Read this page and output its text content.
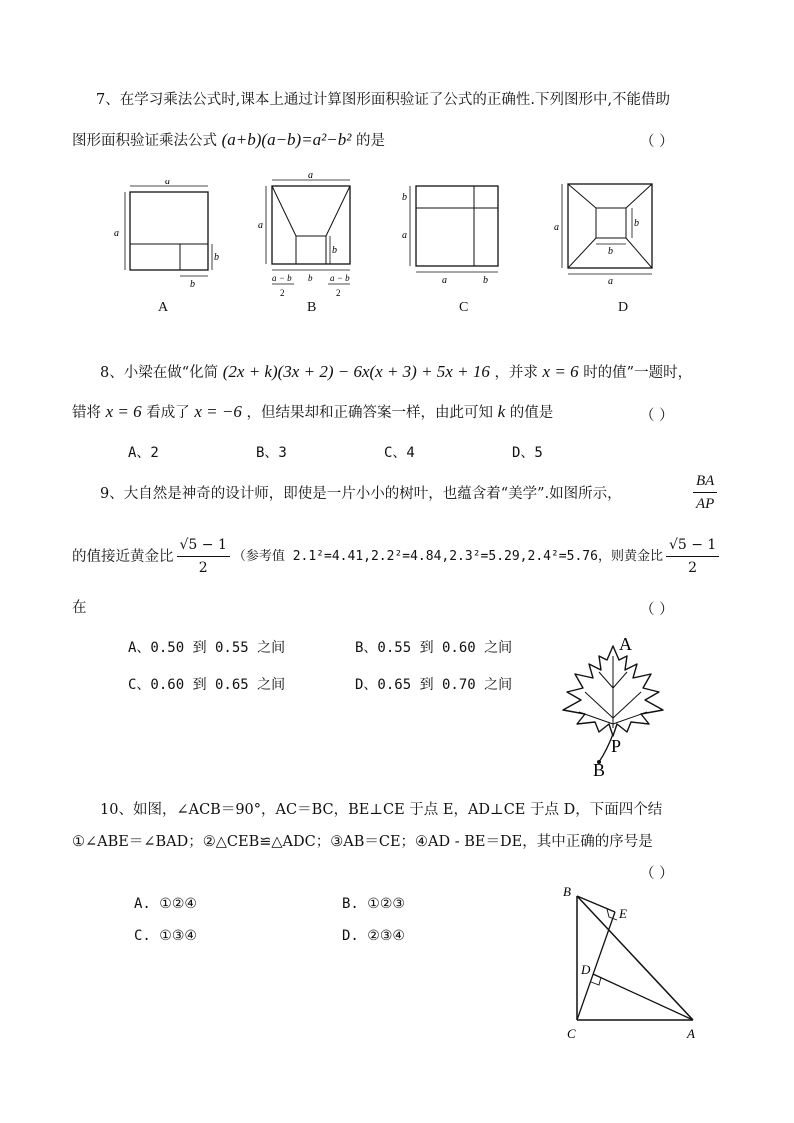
7、在学习乘法公式时,课本上通过计算图形面积验证了公式的正确性.下列图形中,不能借助
图形面积验证乘法公式 (a+b)(a−b)=a²−b² 的是	（ ）
a
a
b
b
A
a
a
b
b
a − b
2
a − b
2
B
b
a
a	b
C
a	b
b
a
D
8、小梁在做“化简 (2x + k)(3x + 2) − 6x(x + 3) + 5x + 16 ，并求 x = 6 时的值”一题时，
错将 x = 6 看成了 x = −6 ，但结果却和正确答案一样，由此可知 k 的值是	（ ）
A、2	B、3	C、4	D、5
9、大自然是神奇的设计师，即使是一片小小的树叶，也蕴含着“美学”.如图所示，	$\frac{BA}{AP}$
的值接近黄金比 $\frac{√5 - 1}{2}$ （参考值 2.1²=4.41,2.2²=4.84,2.3²=5.29,2.4²=5.76，则黄金比 $\frac{√5 - 1}{2}$
在	（ ）
A、0.50 到 0.55 之间	B、0.55 到 0.60 之间
C、0.60 到 0.65 之间	D、0.65 到 0.70 之间
A
P
B
10、如图，∠ACB＝90°，AC＝BC，BE⊥CE 于点 E，AD⊥CE 于点 D，下面四个结
①∠ABE＝∠BAD；②△CEB≌△ADC；③AB＝CE；④AD - BE＝DE，其中正确的序号是
（ ）
A. ①②④	B. ①②③
C. ①③④	D. ②③④
B
E
D
C	A
